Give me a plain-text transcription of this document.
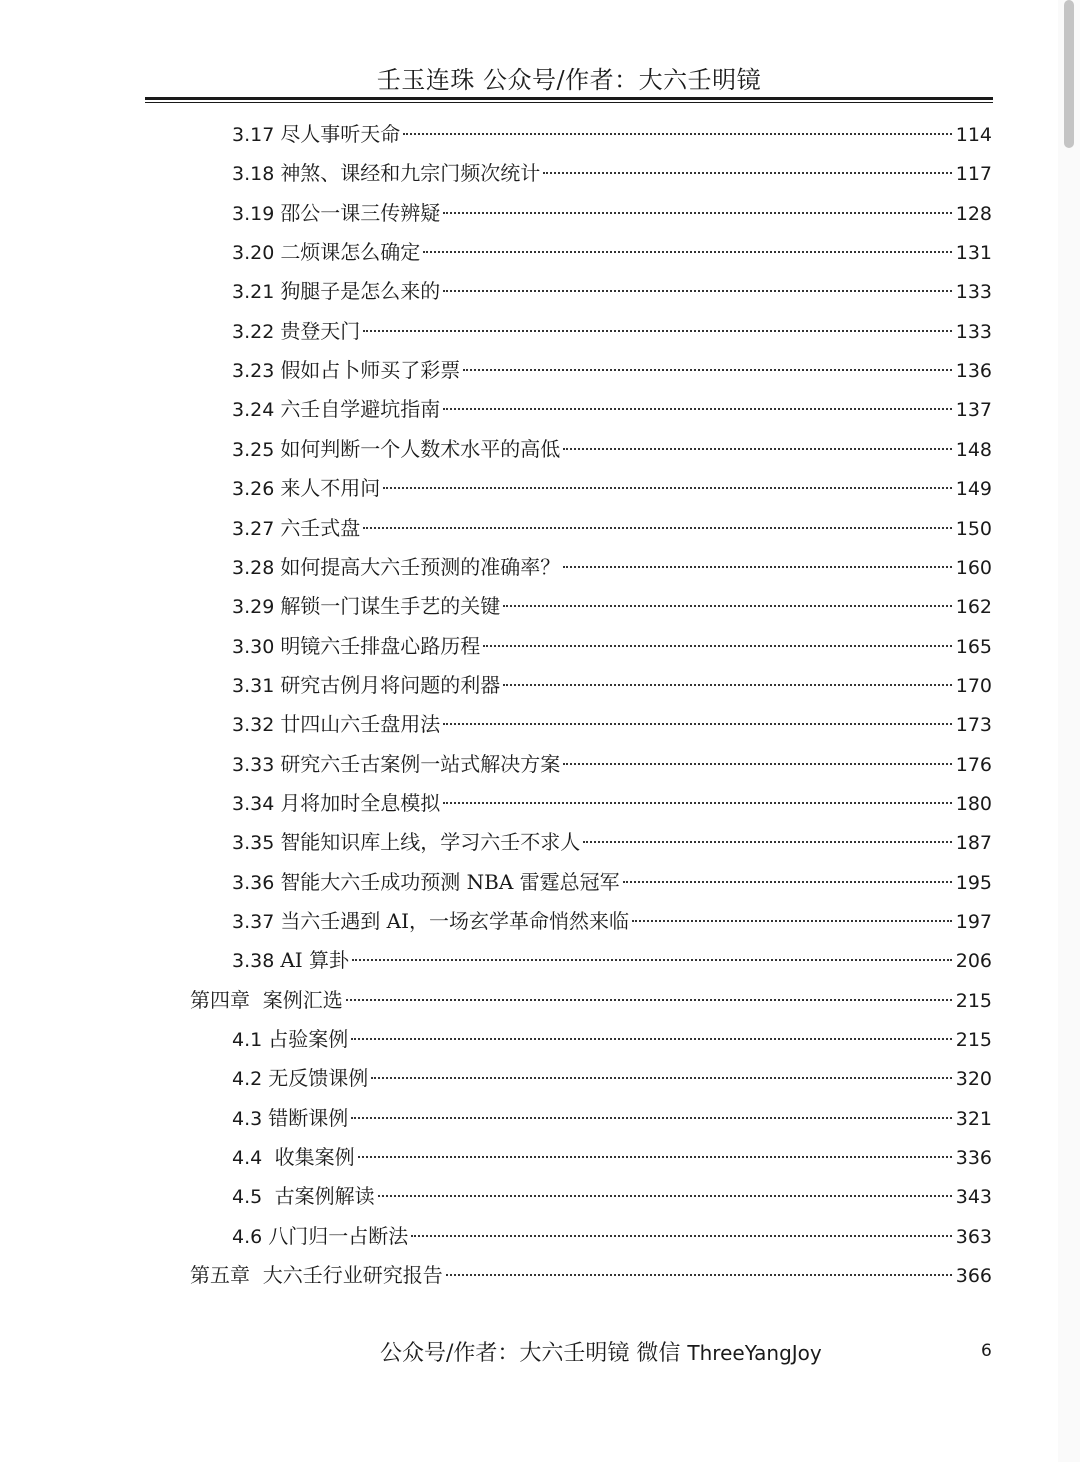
壬玉连珠 公众号/作者：大六壬明镜
3.17 尽人事听天命	114
3.18 神煞、课经和九宗门频次统计	117
3.19 邵公一课三传辨疑	128
3.20 二烦课怎么确定	131
3.21 狗腿子是怎么来的	133
3.22 贵登天门	133
3.23 假如占卜师买了彩票	136
3.24 六壬自学避坑指南	137
3.25 如何判断一个人数术水平的高低	148
3.26 来人不用问	149
3.27 六壬式盘	150
3.28 如何提高大六壬预测的准确率？	160
3.29 解锁一门谋生手艺的关键	162
3.30 明镜六壬排盘心路历程	165
3.31 研究古例月将问题的利器	170
3.32 廿四山六壬盘用法	173
3.33 研究六壬古案例一站式解决方案	176
3.34 月将加时全息模拟	180
3.35 智能知识库上线，学习六壬不求人	187
3.36 智能大六壬成功预测 NBA 雷霆总冠军	195
3.37 当六壬遇到 AI，一场玄学革命悄然来临	197
3.38 AI 算卦	206
第四章  案例汇选	215
4.1 占验案例	215
4.2 无反馈课例	320
4.3 错断课例	321
4.4 收集案例	336
4.5 古案例解读	343
4.6 八门归一占断法	363
第五章  大六壬行业研究报告	366
公众号/作者：大六壬明镜 微信 ThreeYangJoy	6
